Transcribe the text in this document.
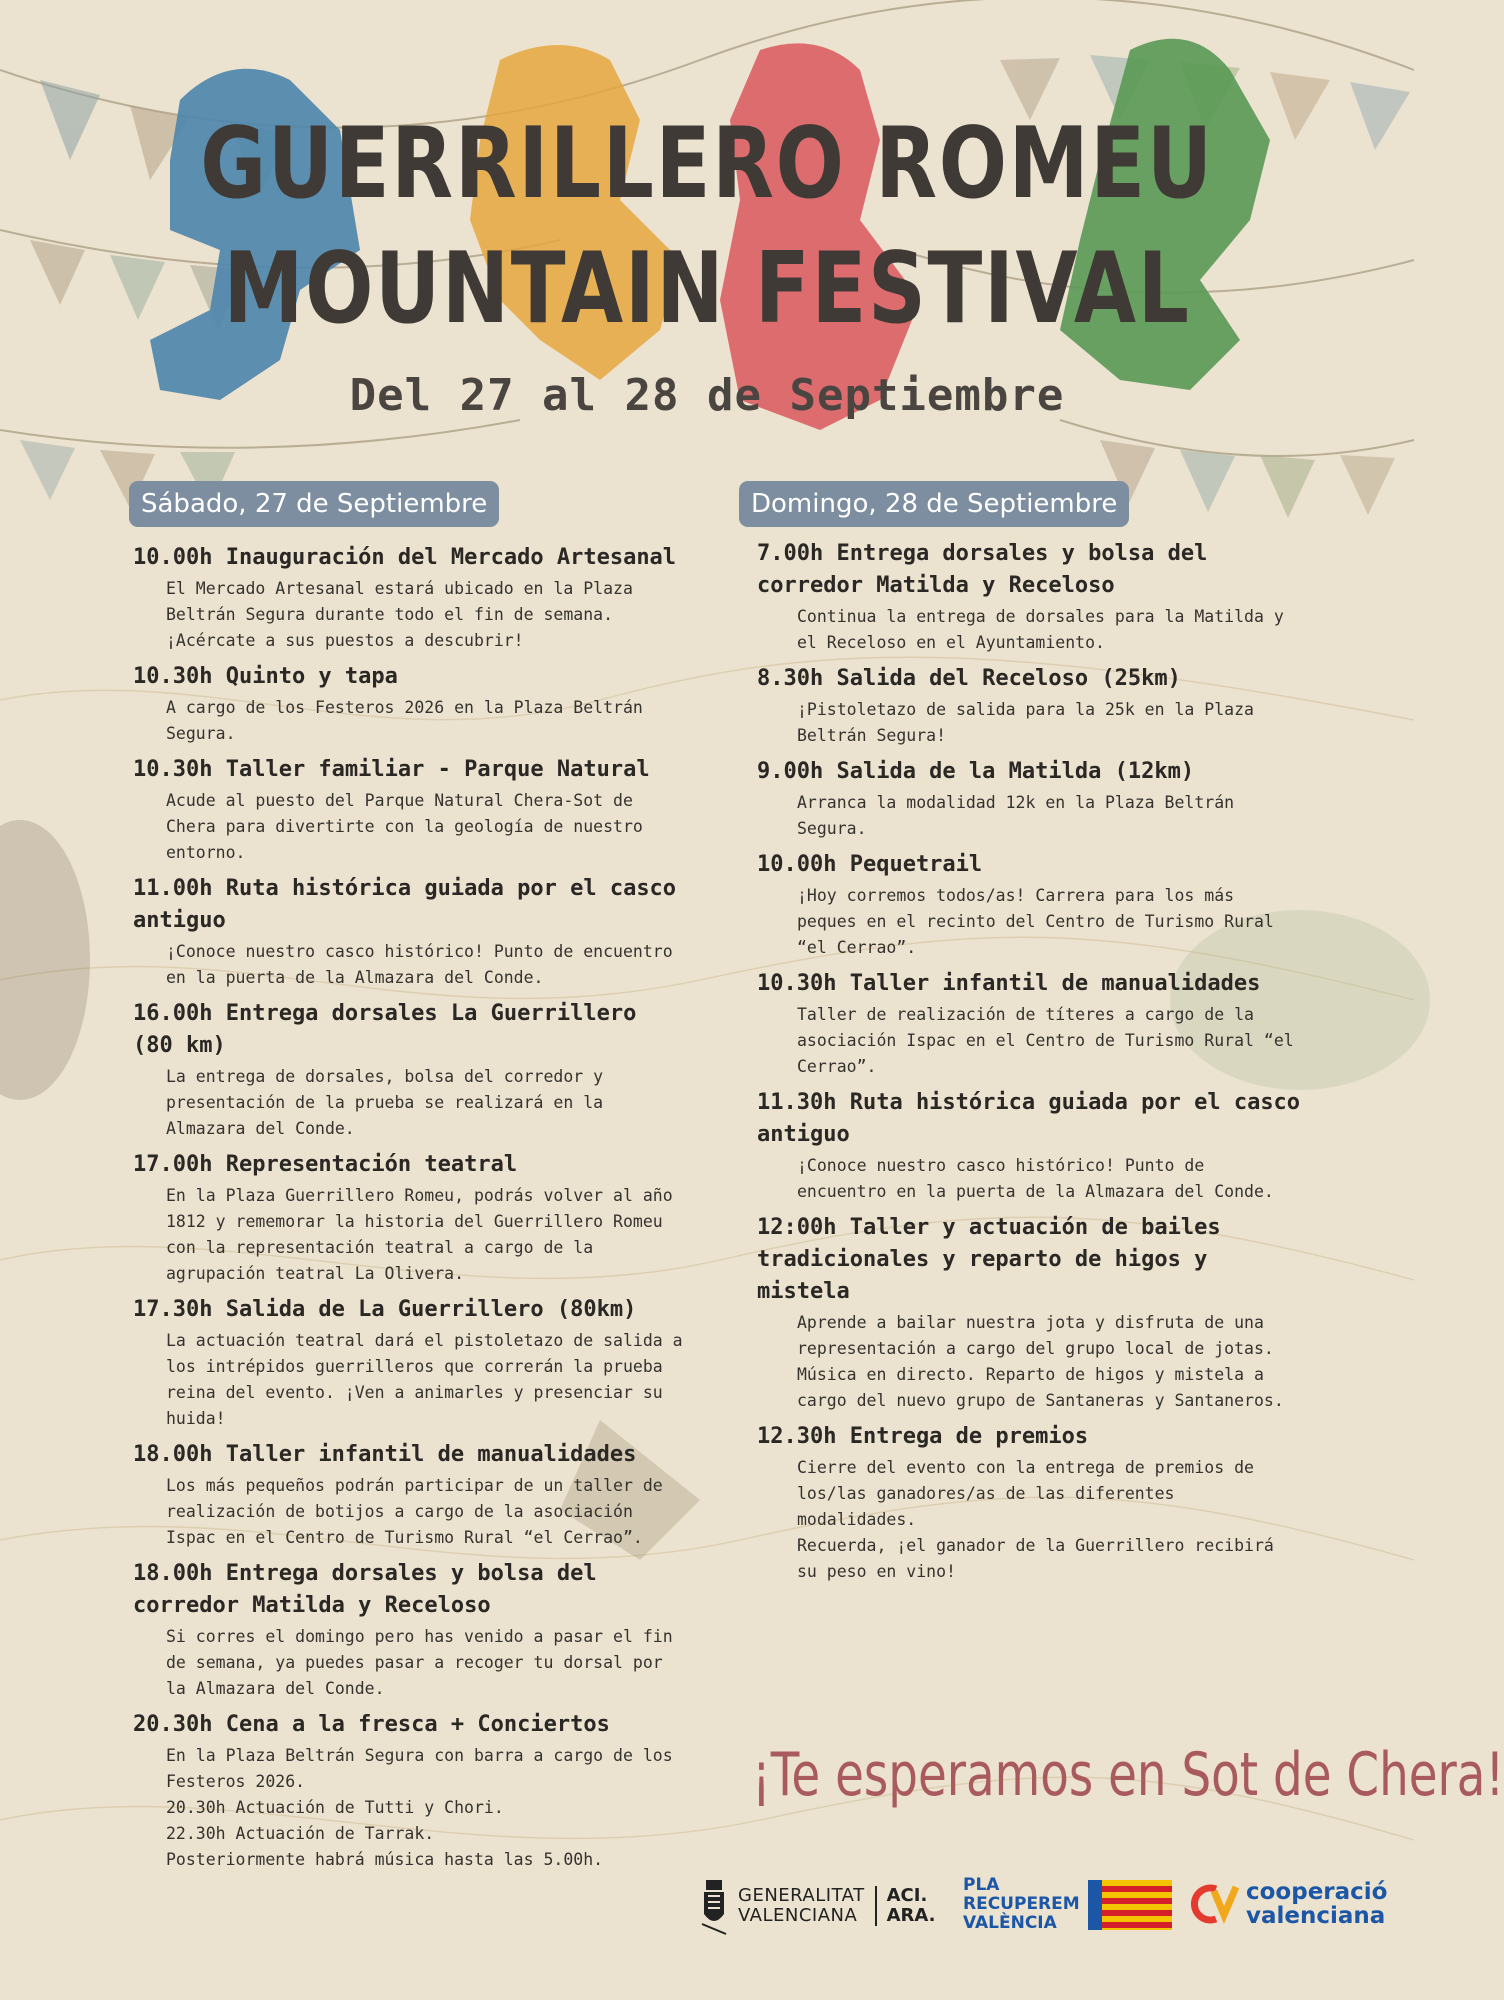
GUERRILLERO ROMEU
MOUNTAIN FESTIVAL
Del 27 al 28 de Septiembre
Sábado, 27 de Septiembre	Domingo, 28 de Septiembre
10.00h Inauguración del Mercado Artesanal
El Mercado Artesanal estará ubicado en la Plaza Beltrán Segura durante todo el fin de semana. ¡Acércate a sus puestos a descubrir!
10.30h Quinto y tapa
A cargo de los Festeros 2026 en la Plaza Beltrán Segura.
10.30h Taller familiar - Parque Natural
Acude al puesto del Parque Natural Chera-Sot de Chera para divertirte con la geología de nuestro entorno.
11.00h Ruta histórica guiada por el casco antiguo
¡Conoce nuestro casco histórico! Punto de encuentro en la puerta de la Almazara del Conde.
16.00h Entrega dorsales La Guerrillero (80 km)
La entrega de dorsales, bolsa del corredor y presentación de la prueba se realizará en la Almazara del Conde.
17.00h Representación teatral
En la Plaza Guerrillero Romeu, podrás volver al año 1812 y rememorar la historia del Guerrillero Romeu con la representación teatral a cargo de la agrupación teatral La Olivera.
17.30h Salida de La Guerrillero (80km)
La actuación teatral dará el pistoletazo de salida a los intrépidos guerrilleros que correrán la prueba reina del evento. ¡Ven a animarles y presenciar su huida!
18.00h Taller infantil de manualidades
Los más pequeños podrán participar de un taller de realización de botijos a cargo de la asociación Ispac en el Centro de Turismo Rural “el Cerrao”.
18.00h Entrega dorsales y bolsa del corredor Matilda y Receloso
Si corres el domingo pero has venido a pasar el fin de semana, ya puedes pasar a recoger tu dorsal por la Almazara del Conde.
20.30h Cena a la fresca + Conciertos
En la Plaza Beltrán Segura con barra a cargo de los Festeros 2026.
20.30h Actuación de Tutti y Chori.
22.30h Actuación de Tarrak.
Posteriormente habrá música hasta las 5.00h.
7.00h Entrega dorsales y bolsa del corredor Matilda y Receloso
Continua la entrega de dorsales para la Matilda y el Receloso en el Ayuntamiento.
8.30h Salida del Receloso (25km)
¡Pistoletazo de salida para la 25k en la Plaza Beltrán Segura!
9.00h Salida de la Matilda (12km)
Arranca la modalidad 12k en la Plaza Beltrán Segura.
10.00h Pequetrail
¡Hoy corremos todos/as! Carrera para los más peques en el recinto del Centro de Turismo Rural “el Cerrao”.
10.30h Taller infantil de manualidades
Taller de realización de títeres a cargo de la asociación Ispac en el Centro de Turismo Rural “el Cerrao”.
11.30h Ruta histórica guiada por el casco antiguo
¡Conoce nuestro casco histórico! Punto de encuentro en la puerta de la Almazara del Conde.
12:00h Taller y actuación de bailes tradicionales y reparto de higos y mistela
Aprende a bailar nuestra jota y disfruta de una representación a cargo del grupo local de jotas. Música en directo. Reparto de higos y mistela a cargo del nuevo grupo de Santaneras y Santaneros.
12.30h Entrega de premios
Cierre del evento con la entrega de premios de los/las ganadores/as de las diferentes modalidades.
Recuerda, ¡el ganador de la Guerrillero recibirá su peso en vino!
¡Te esperamos en Sot de Chera!
GENERALITAT
VALENCIANA
ACI.
ARA.
PLA
RECUPEREM
VALÈNCIA
cooperació
valenciana
